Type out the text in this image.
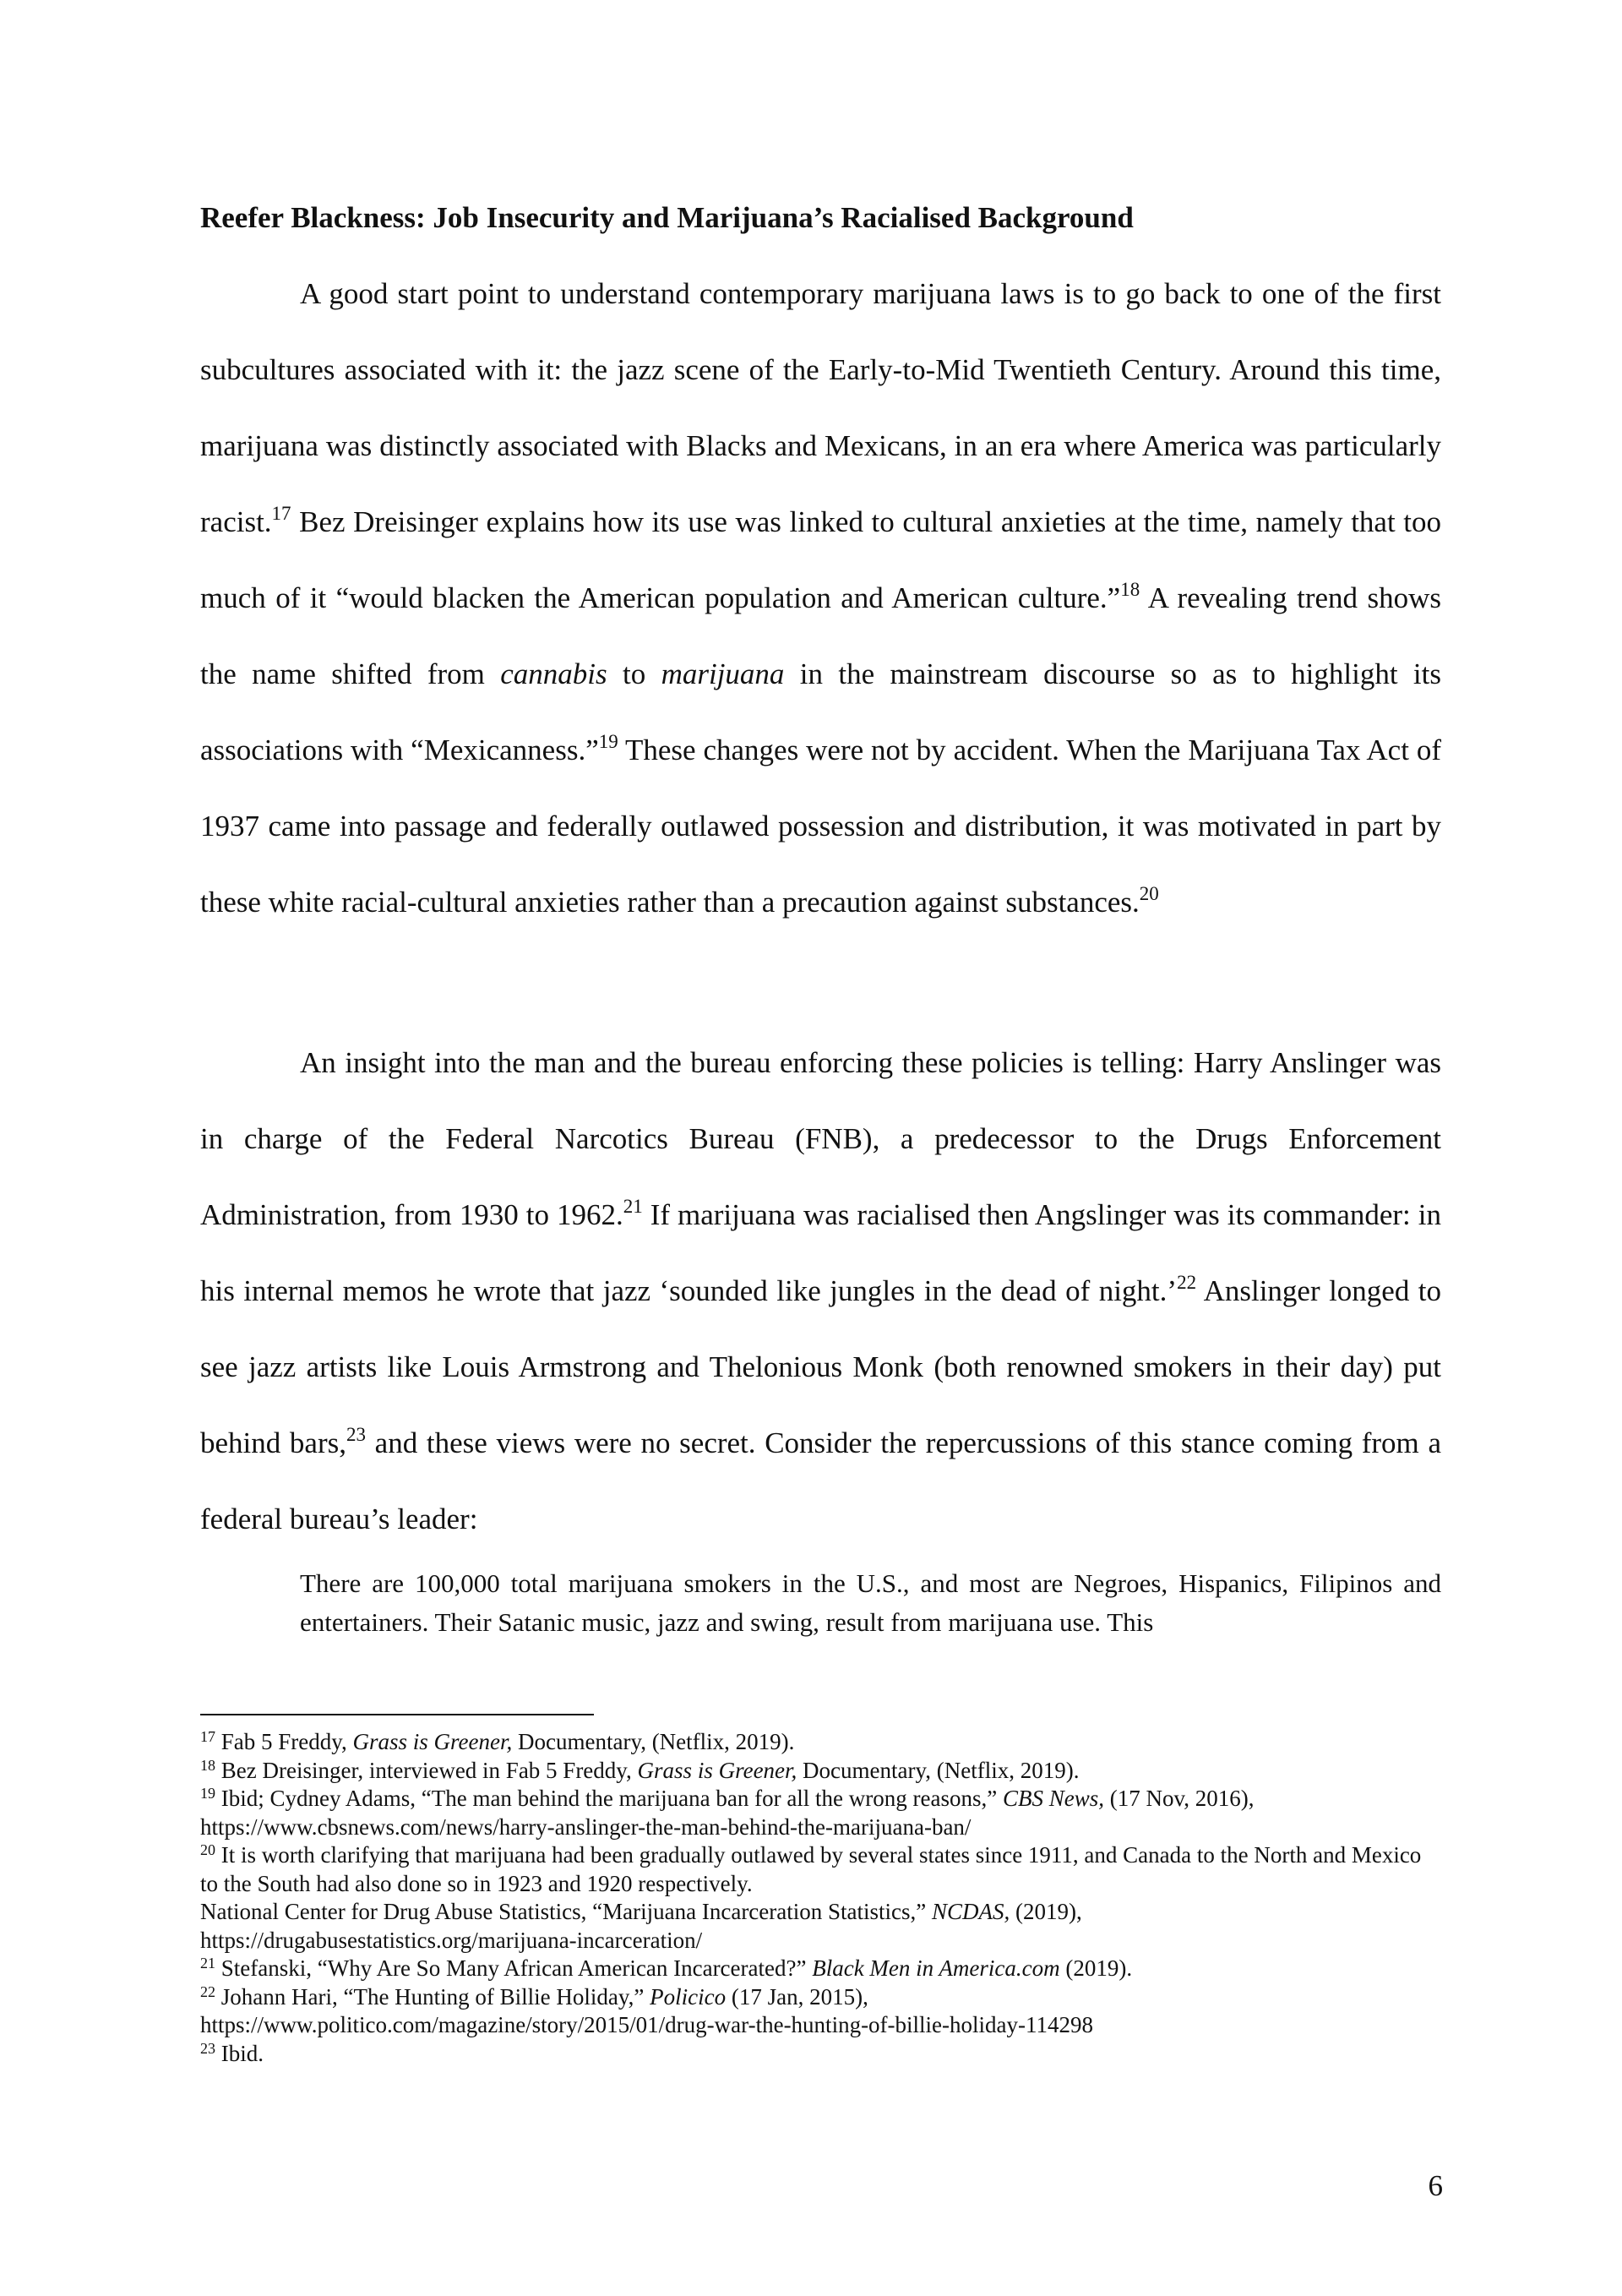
Reefer Blackness: Job Insecurity and Marijuana’s Racialised Background

A good start point to understand contemporary marijuana laws is to go back to one of the first subcultures associated with it: the jazz scene of the Early-to-Mid Twentieth Century. Around this time, marijuana was distinctly associated with Blacks and Mexicans, in an era where America was particularly racist.$^{17}$ Bez Dreisinger explains how its use was linked to cultural anxieties at the time, namely that too much of it “would blacken the American population and American culture.”$^{18}$ A revealing trend shows the name shifted from cannabis to marijuana in the mainstream discourse so as to highlight its associations with “Mexicanness.”$^{19}$ These changes were not by accident. When the Marijuana Tax Act of 1937 came into passage and federally outlawed possession and distribution, it was motivated in part by these white racial-cultural anxieties rather than a precaution against substances.$^{20}$

An insight into the man and the bureau enforcing these policies is telling: Harry Anslinger was in charge of the Federal Narcotics Bureau (FNB), a predecessor to the Drugs Enforcement Administration, from 1930 to 1962.21 If marijuana was racialised then Angslinger was its commander: in his internal memos he wrote that jazz ‘sounded like jungles in the dead of night.’$^{22}$ Anslinger longed to see jazz artists like Louis Armstrong and Thelonious Monk (both renowned smokers in their day) put behind bars,$^{23}$ and these views were no secret. Consider the repercussions of this stance coming from a federal bureau’s leader:

There are 100,000 total marijuana smokers in the U.S., and most are Negroes, Hispanics, Filipinos and entertainers. Their Satanic music, jazz and swing, result from marijuana use. This

$^{17}$ Fab 5 Freddy, Grass is Greener, Documentary, (Netflix, 2019).

$^{18}$ Bez Dreisinger, interviewed in Fab 5 Freddy, Grass is Greener, Documentary, (Netflix, 2019).

$^{19}$ Ibid; Cydney Adams, “The man behind the marijuana ban for all the wrong reasons,” CBS News, (17 Nov, 2016), https://www.cbsnews.com/news/harry-anslinger-the-man-behind-the-marijuana-ban/

$^{20}$ It is worth clarifying that marijuana had been gradually outlawed by several states since 1911, and Canada to the North and Mexico to the South had also done so in 1923 and 1920 respectively.

National Center for Drug Abuse Statistics, “Marijuana Incarceration Statistics,” NCDAS, (2019), https://drugabusestatistics.org/marijuana-incarceration/

$^{21}$ Stefanski, “Why Are So Many African American Incarcerated?” Black Men in America.com (2019).

$^{22}$ Johann Hari, “The Hunting of Billie Holiday,” Policico (17 Jan, 2015),

https://www.politico.com/magazine/story/2015/01/drug-war-the-hunting-of-billie-holiday-114298

$^{23}$ Ibid.

6
